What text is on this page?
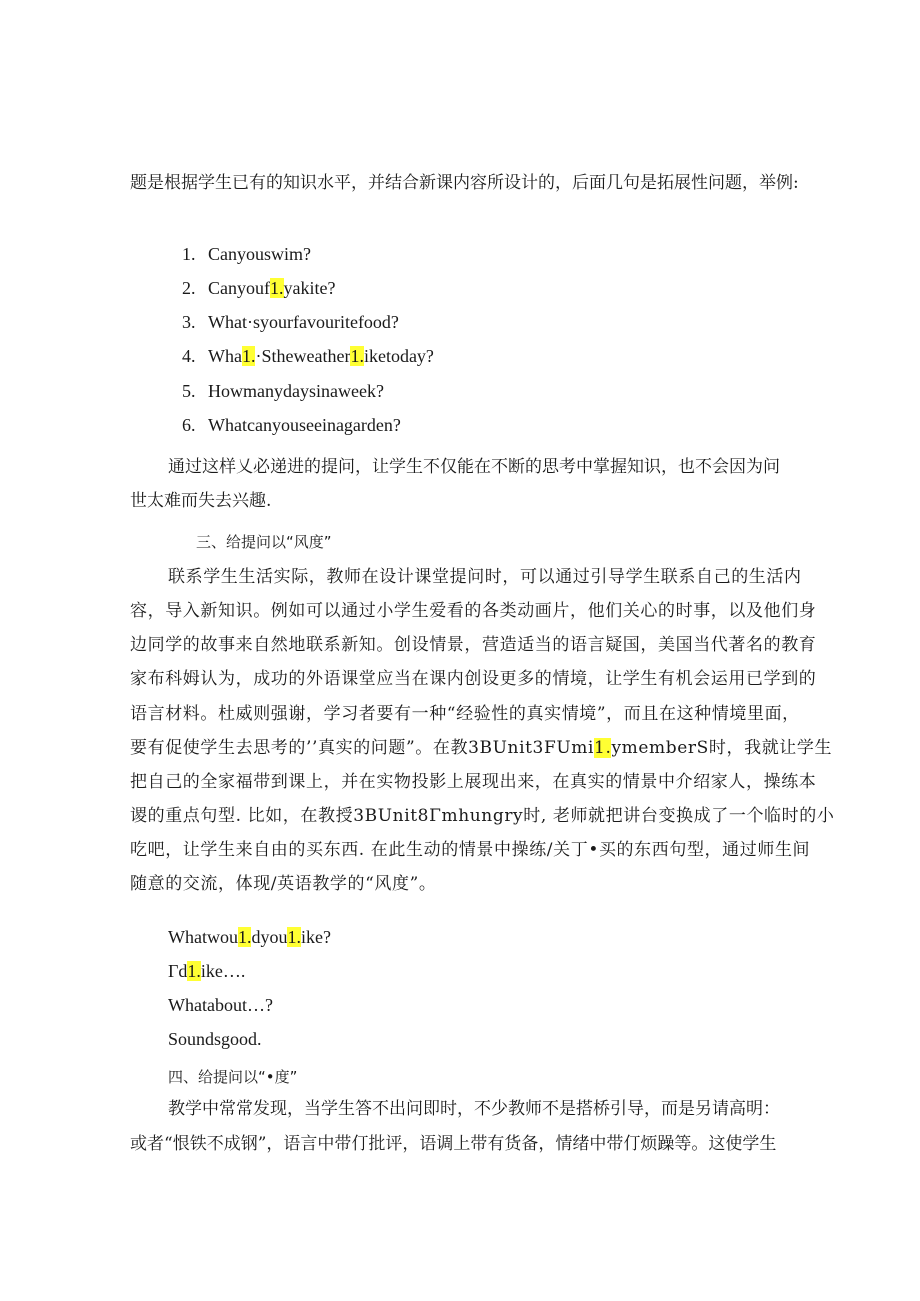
题是根据学生已有的知识水平，并结合新课内容所设计的，后面几句是拓展性问题，举例:
1. Canyouswim?
2. Canyouf1.yakite?
3. What·syourfavouritefood?
4. Wha1.·Stheweather1.iketoday?
5. Howmanydaysinaweek?
6. Whatcanyouseeinagarden?
通过这样乂必递进的提问，让学生不仅能在不断的思考中掌握知识，也不会因为问
世太难而失去兴趣.
三、给提问以“风度”
联系学生生活实际，教师在设计课堂提问时，可以通过引导学生联系自己的生活内
容，导入新知识。例如可以通过小学生爱看的各类动画片，他们关心的时事，以及他们身
边同学的故事来自然地联系新知。创设情景，营造适当的语言疑国，美国当代著名的教育
家布科姆认为，成功的外语课堂应当在课内创设更多的情境，让学生有机会运用已学到的
语言材料。杜威则强谢，学习者要有一种“经验性的真实情境”，而且在这种情境里面，
要有促使学生去思考的’’真实的问题”。在教3BUnit3FUmi1.ymemberS时，我就让学生
把自己的全家福带到课上，并在实物投影上展现出来，在真实的情景中介绍家人，操练本
谡的重点句型. 比如，在教授3BUnit8Γmhungry时, 老师就把讲台变换成了一个临时的小
吃吧，让学生来自由的买东西. 在此生动的情景中操练/关丁•买的东西句型，通过师生间
随意的交流，体现/英语教学的“风度”。
Whatwou1.dyou1.ike?
Γd1.ike….
Whatabout…?
Soundsgood.
四、给提问以“•度”
教学中常常发现，当学生答不出问即时，不少教师不是搭桥引导，而是另请高明：
或者“恨铁不成钢”，语言中带仃批评，语调上带有货备，情绪中带仃烦躁等。这使学生
